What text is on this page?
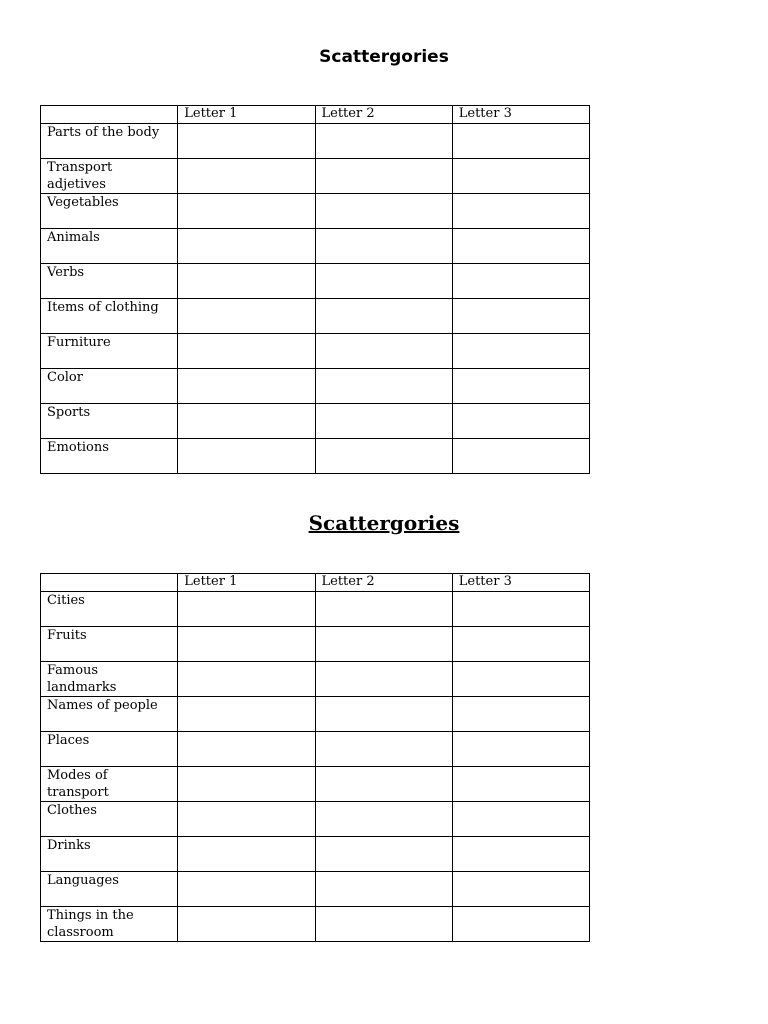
Scattergories
	Letter 1	Letter 2	Letter 3
Parts of the body			
Transport adjetives			
Vegetables			
Animals			
Verbs			
Items of clothing			
Furniture			
Color			
Sports			
Emotions			
Scattergories
	Letter 1	Letter 2	Letter 3
Cities			
Fruits			
Famous landmarks			
Names of people			
Places			
Modes of transport			
Clothes			
Drinks			
Languages			
Things in the classroom			
